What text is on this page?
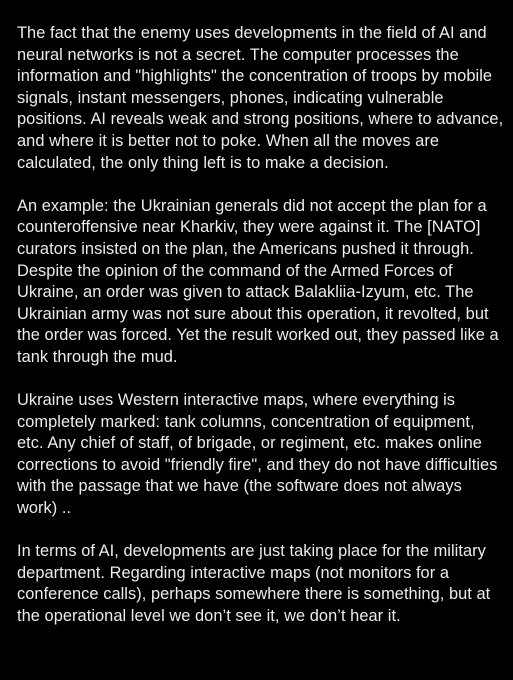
The fact that the enemy uses developments in the field of AI and neural networks is not a secret. The computer processes the information and "highlights" the concentration of troops by mobile signals, instant messengers, phones, indicating vulnerable positions. AI reveals weak and strong positions, where to advance, and where it is better not to poke. When all the moves are calculated, the only thing left is to make a decision.

An example: the Ukrainian generals did not accept the plan for a counteroffensive near Kharkiv, they were against it. The [NATO] curators insisted on the plan, the Americans pushed it through. Despite the opinion of the command of the Armed Forces of Ukraine, an order was given to attack Balakliia-Izyum, etc. The Ukrainian army was not sure about this operation, it revolted, but the order was forced. Yet the result worked out, they passed like a tank through the mud.

Ukraine uses Western interactive maps, where everything is completely marked: tank columns, concentration of equipment, etc. Any chief of staff, of brigade, or regiment, etc. makes online corrections to avoid "friendly fire", and they do not have difficulties with the passage that we have (the software does not always work) ..

In terms of AI, developments are just taking place for the military department. Regarding interactive maps (not monitors for a conference calls), perhaps somewhere there is something, but at the operational level we don’t see it, we don’t hear it.
